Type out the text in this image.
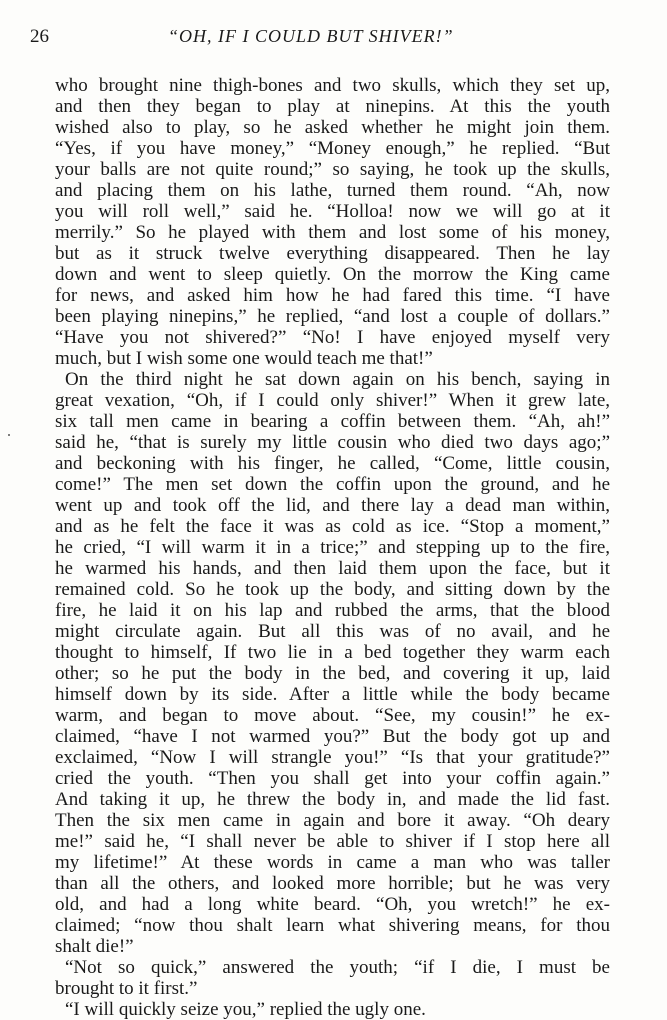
26	“OH, IF I COULD BUT SHIVER!”
who brought nine thigh-bones and two skulls, which they set up,
and then they began to play at ninepins. At this the youth
wished also to play, so he asked whether he might join them.
“Yes, if you have money,” “Money enough,” he replied. “But
your balls are not quite round;” so saying, he took up the skulls,
and placing them on his lathe, turned them round. “Ah, now
you will roll well,” said he. “Holloa! now we will go at it
merrily.” So he played with them and lost some of his money,
but as it struck twelve everything disappeared. Then he lay
down and went to sleep quietly. On the morrow the King came
for news, and asked him how he had fared this time. “I have
been playing ninepins,” he replied, “and lost a couple of dollars.”
“Have you not shivered?” “No! I have enjoyed myself very
much, but I wish some one would teach me that!”
On the third night he sat down again on his bench, saying in
great vexation, “Oh, if I could only shiver!” When it grew late,
six tall men came in bearing a coffin between them. “Ah, ah!”
said he, “that is surely my little cousin who died two days ago;”
and beckoning with his finger, he called, “Come, little cousin,
come!” The men set down the coffin upon the ground, and he
went up and took off the lid, and there lay a dead man within,
and as he felt the face it was as cold as ice. “Stop a moment,”
he cried, “I will warm it in a trice;” and stepping up to the fire,
he warmed his hands, and then laid them upon the face, but it
remained cold. So he took up the body, and sitting down by the
fire, he laid it on his lap and rubbed the arms, that the blood
might circulate again. But all this was of no avail, and he
thought to himself, If two lie in a bed together they warm each
other; so he put the body in the bed, and covering it up, laid
himself down by its side. After a little while the body became
warm, and began to move about. “See, my cousin!” he ex-
claimed, “have I not warmed you?” But the body got up and
exclaimed, “Now I will strangle you!” “Is that your gratitude?”
cried the youth. “Then you shall get into your coffin again.”
And taking it up, he threw the body in, and made the lid fast.
Then the six men came in again and bore it away. “Oh deary
me!” said he, “I shall never be able to shiver if I stop here all
my lifetime!” At these words in came a man who was taller
than all the others, and looked more horrible; but he was very
old, and had a long white beard. “Oh, you wretch!” he ex-
claimed; “now thou shalt learn what shivering means, for thou
shalt die!”
“Not so quick,” answered the youth; “if I die, I must be
brought to it first.”
“I will quickly seize you,” replied the ugly one.
